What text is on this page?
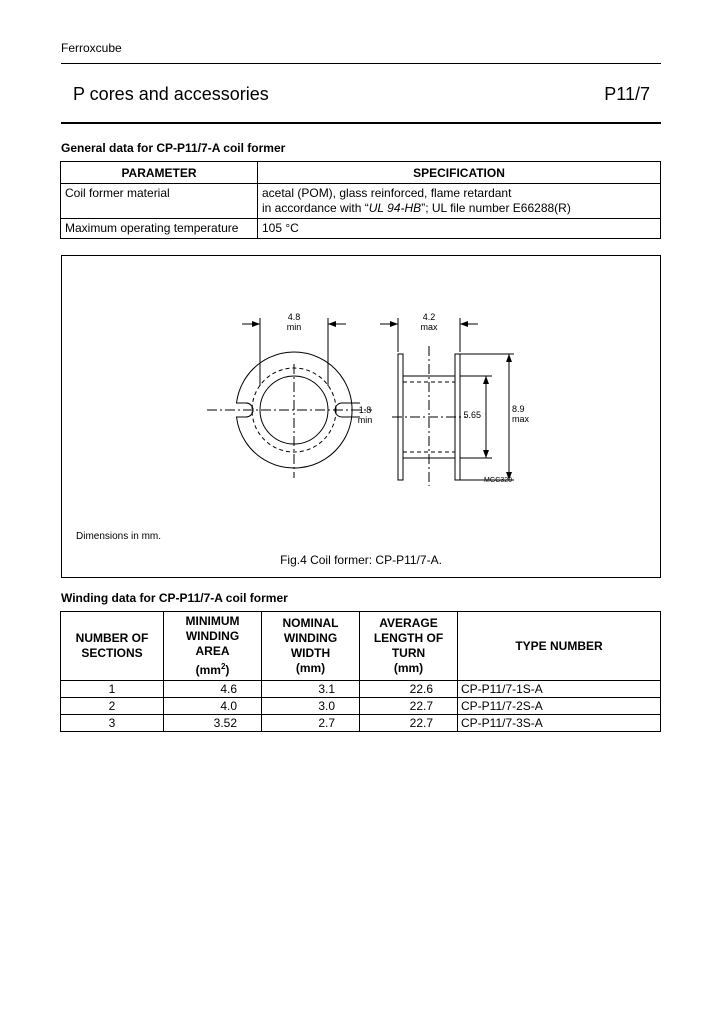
Ferroxcube
P cores and accessories	P11/7
General data for CP-P11/7-A coil former
PARAMETER	SPECIFICATION
Coil former material	acetal (POM), glass reinforced, flame retardant
in accordance with “UL 94-HB”; UL file number E66288(R)
Maximum operating temperature	105 °C
4.8
min
1.8
min
4.2
max
5.65
8.9
max
MGC320
Dimensions in mm.
Fig.4 Coil former: CP-P11/7-A.
Winding data for CP-P11/7-A coil former
NUMBER OF
SECTIONS	MINIMUM
WINDING
AREA
$(mm^2)$	NOMINAL
WINDING
WIDTH
(mm)	AVERAGE
LENGTH OF
TURN
(mm)	TYPE NUMBER
1	4.6	3.1	22.6	CP-P11/7-1S-A
2	4.0	3.0	22.7	CP-P11/7-2S-A
3	3.52	2.7	22.7	CP-P11/7-3S-A
